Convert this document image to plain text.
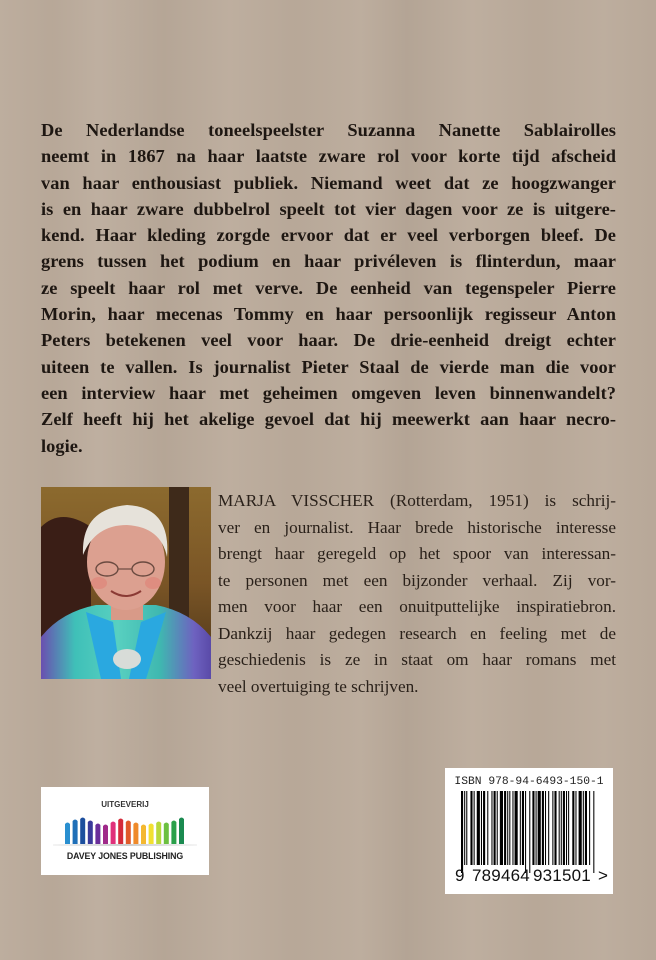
De Nederlandse toneelspeelster Suzanna Nanette Sablairolles
neemt in 1867 na haar laatste zware rol voor korte tijd afscheid
van haar enthousiast publiek. Niemand weet dat ze hoogzwanger
is en haar zware dubbelrol speelt tot vier dagen voor ze is uitgere-
kend. Haar kleding zorgde ervoor dat er veel verborgen bleef. De
grens tussen het podium en haar privéleven is flinterdun, maar
ze speelt haar rol met verve. De eenheid van tegenspeler Pierre
Morin, haar mecenas Tommy en haar persoonlijk regisseur Anton
Peters betekenen veel voor haar. De drie-eenheid dreigt echter
uiteen te vallen. Is journalist Pieter Staal de vierde man die voor
een interview haar met geheimen omgeven leven binnenwandelt?
Zelf heeft hij het akelige gevoel dat hij meewerkt aan haar necro-
logie.
MARJA VISSCHER (Rotterdam, 1951) is schrij-
ver en journalist. Haar brede historische interesse
brengt haar geregeld op het spoor van interessan-
te personen met een bijzonder verhaal. Zij vor-
men voor haar een onuitputtelijke inspiratiebron.
Dankzij haar gedegen research en feeling met de
geschiedenis is ze in staat om haar romans met
veel overtuiging te schrijven.
UITGEVERIJ
DAVEY JONES PUBLISHING
ISBN 978-94-6493-150-1
9 789464 931501 >
